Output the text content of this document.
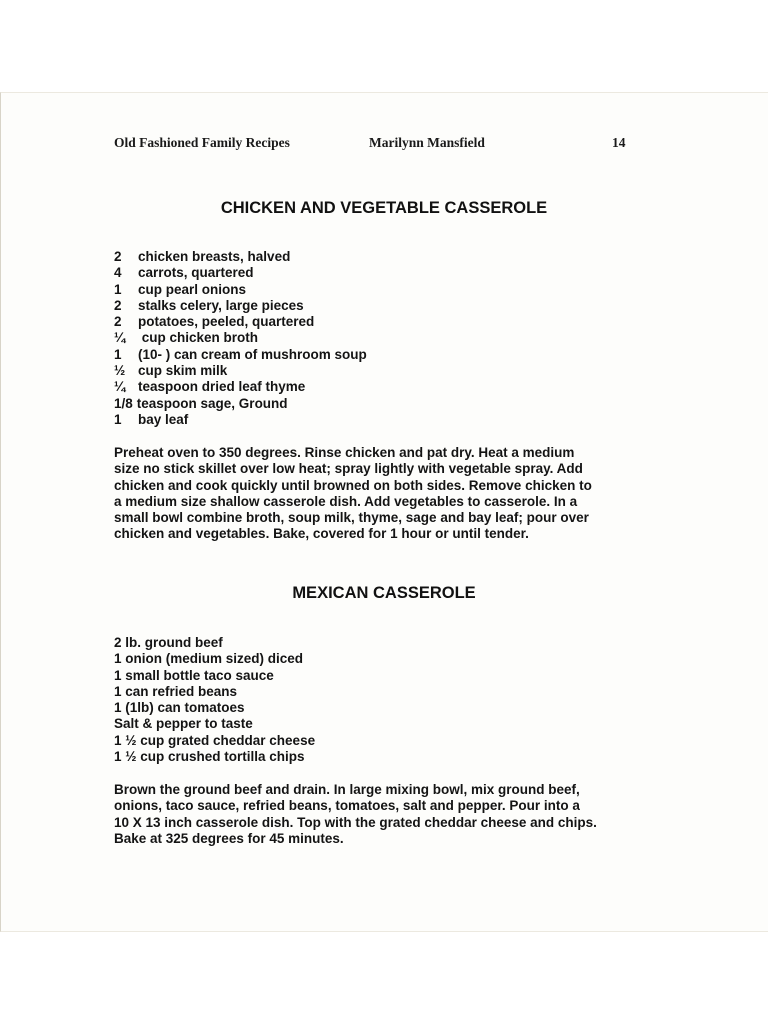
Old Fashioned Family Recipes	Marilynn Mansfield	14
CHICKEN AND VEGETABLE CASSEROLE
2 chicken breasts, halved
4 carrots, quartered
1 cup pearl onions
2 stalks celery, large pieces
2 potatoes, peeled, quartered
¼ cup chicken broth
1 (10- ) can cream of mushroom soup
½ cup skim milk
¼ teaspoon dried leaf thyme
1/8 teaspoon sage, Ground
1 bay leaf
Preheat oven to 350 degrees. Rinse chicken and pat dry. Heat a medium
size no stick skillet over low heat; spray lightly with vegetable spray. Add
chicken and cook quickly until browned on both sides. Remove chicken to
a medium size shallow casserole dish. Add vegetables to casserole. In a
small bowl combine broth, soup milk, thyme, sage and bay leaf; pour over
chicken and vegetables. Bake, covered for 1 hour or until tender.
MEXICAN CASSEROLE
2 lb. ground beef
1 onion (medium sized) diced
1 small bottle taco sauce
1 can refried beans
1 (1lb) can tomatoes
Salt & pepper to taste
1 ½ cup grated cheddar cheese
1 ½ cup crushed tortilla chips
Brown the ground beef and drain. In large mixing bowl, mix ground beef,
onions, taco sauce, refried beans, tomatoes, salt and pepper. Pour into a
10 X 13 inch casserole dish. Top with the grated cheddar cheese and chips.
Bake at 325 degrees for 45 minutes.
